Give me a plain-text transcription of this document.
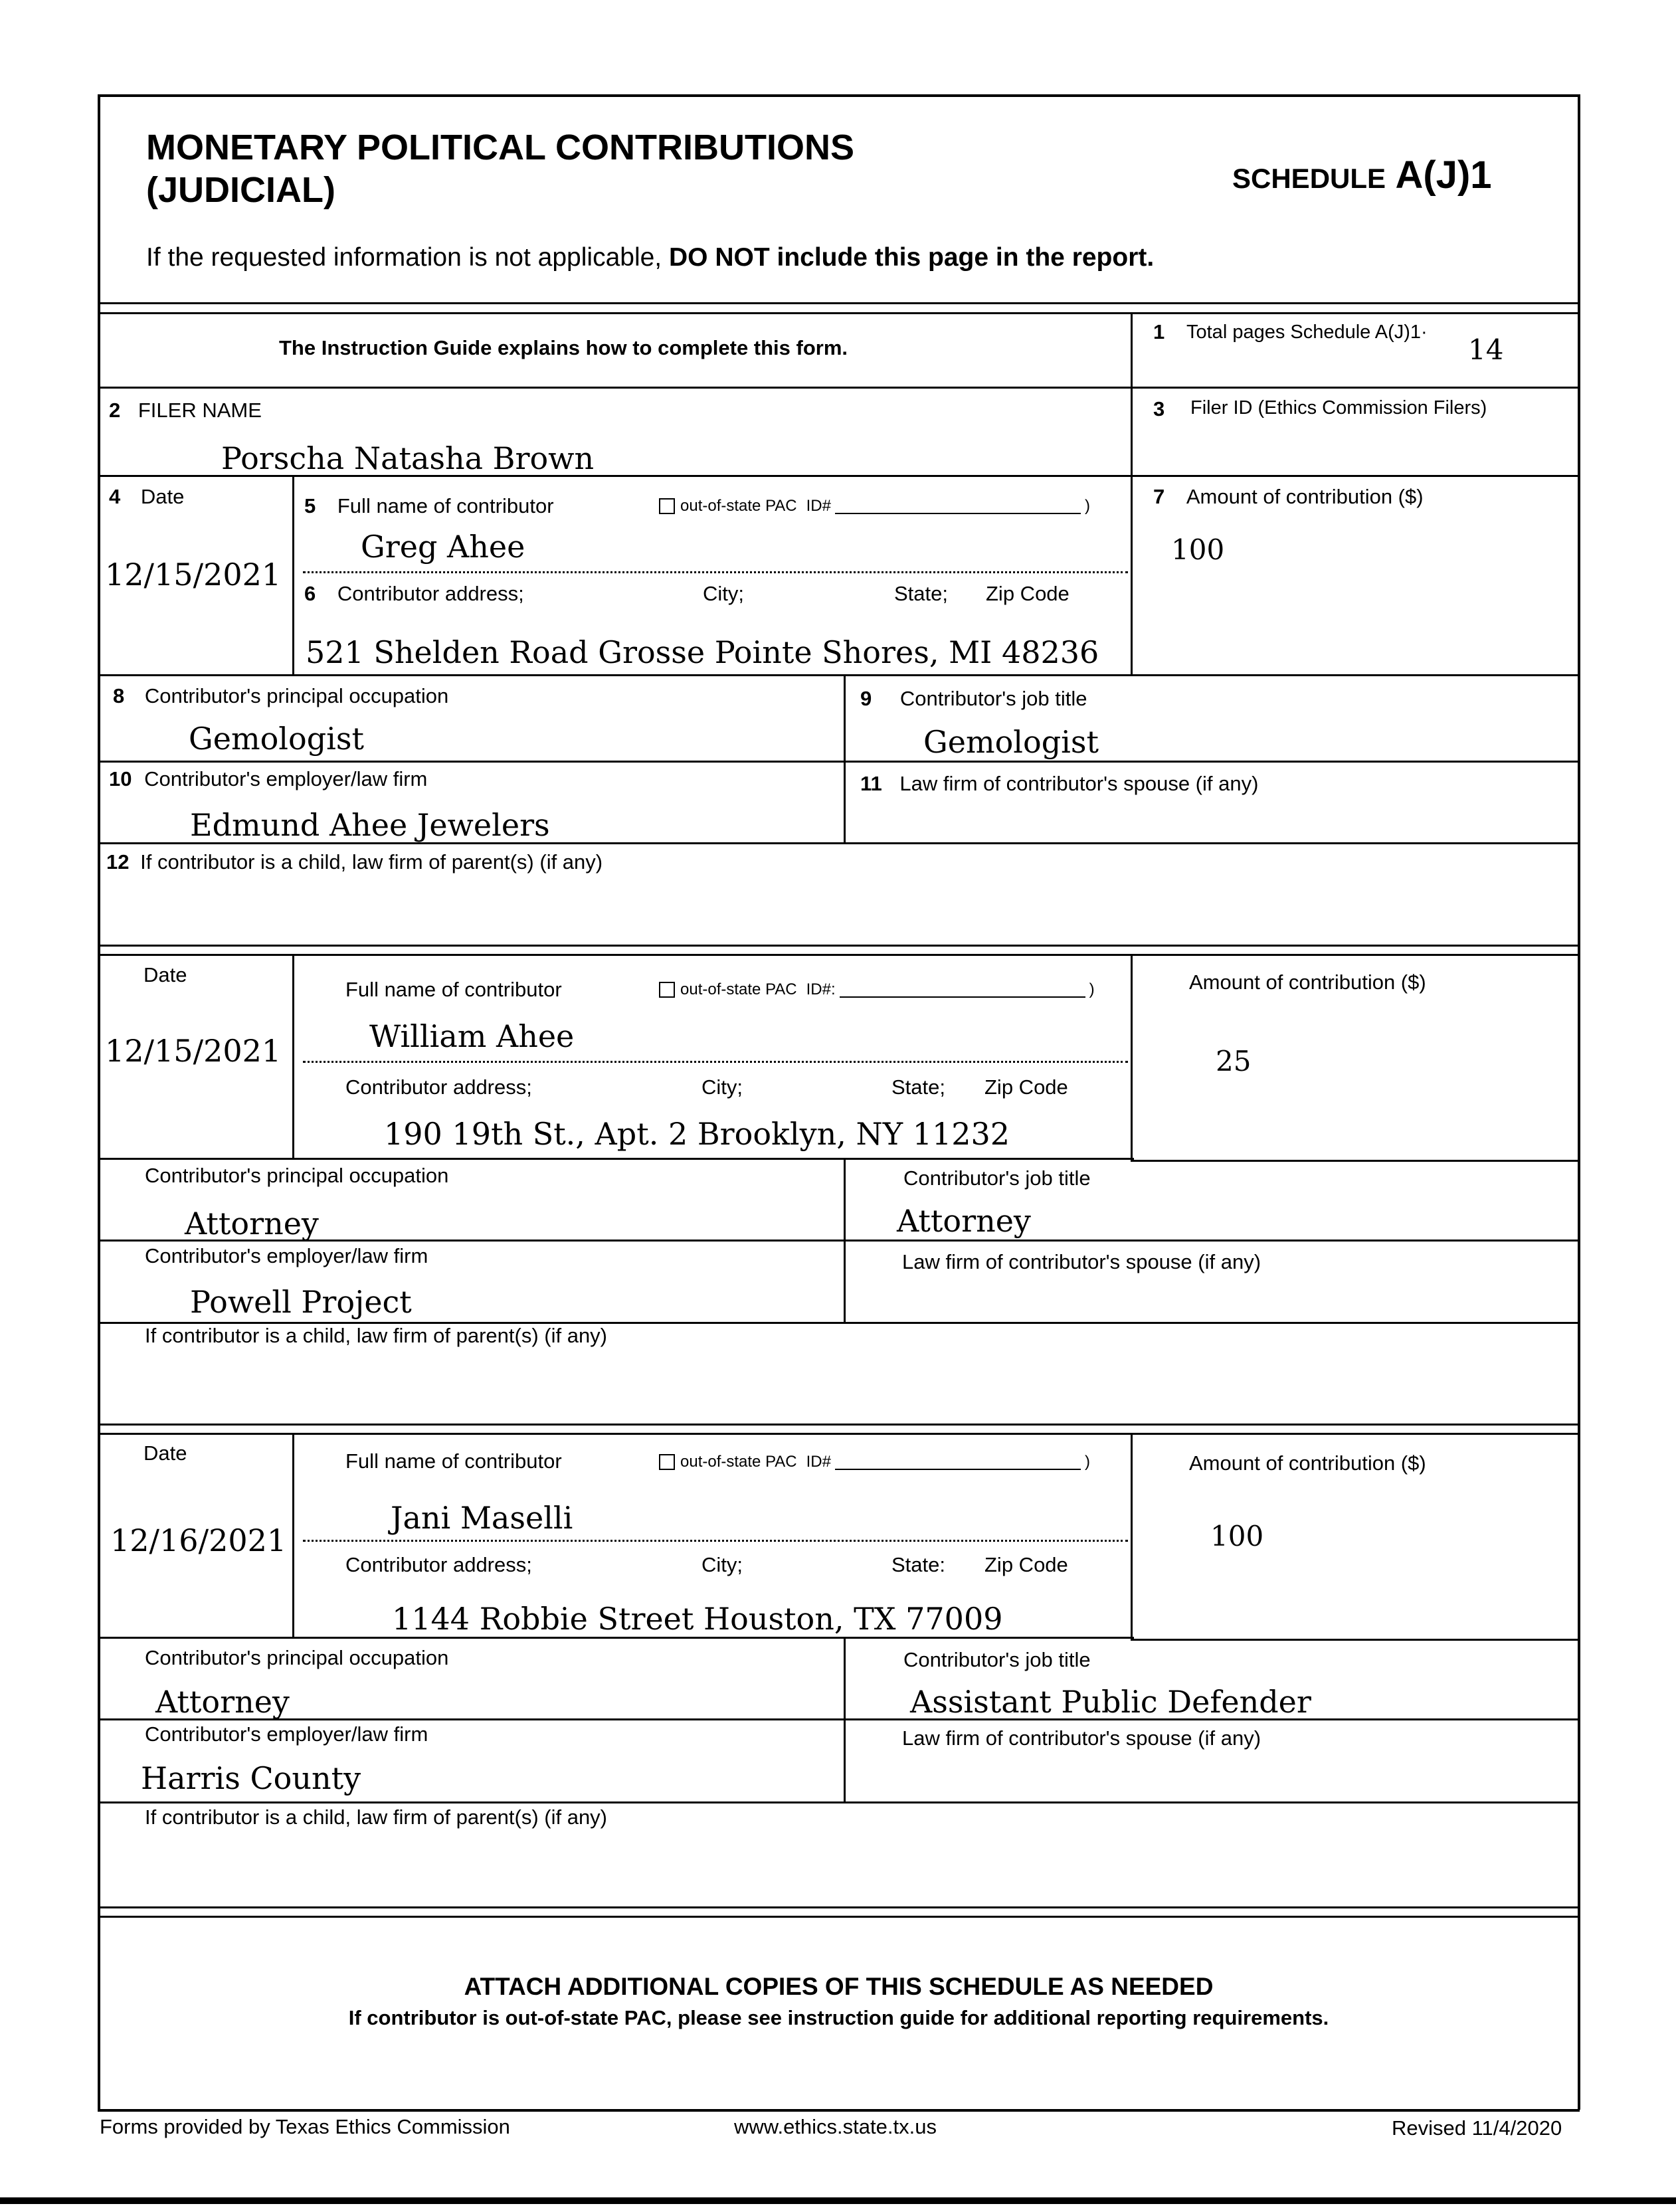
MONETARY POLITICAL CONTRIBUTIONS
(JUDICIAL)	SCHEDULE A(J)1
If the requested information is not applicable, DO NOT include this page in the report.
The Instruction Guide explains how to complete this form.
1 Total pages Schedule A(J)1·
14
2 FILER NAME
Porscha Natasha Brown
3 Filer ID (Ethics Commission Filers)
4 Date
12/15/2021
5 Full name of contributor	out-of-state PAC ID#	)
Greg Ahee
6 Contributor address;	City;	State; Zip Code
521 Shelden Road Grosse Pointe Shores, MI 48236
7 Amount of contribution ($)
100
8 Contributor's principal occupation
Gemologist
9 Contributor's job title
Gemologist
10 Contributor's employer/law firm
Edmund Ahee Jewelers
11 Law firm of contributor's spouse (if any)
12 If contributor is a child, law firm of parent(s) (if any)
Date
12/15/2021
Full name of contributor	out-of-state PAC ID#:	)
William Ahee
Contributor address;	City;	State; Zip Code
190 19th St., Apt. 2 Brooklyn, NY 11232
Amount of contribution ($)
25
Contributor's principal occupation
Attorney
Contributor's job title
Attorney
Contributor's employer/law firm
Powell Project
Law firm of contributor's spouse (if any)
If contributor is a child, law firm of parent(s) (if any)
Date
12/16/2021
Full name of contributor	out-of-state PAC ID#	)
Jani Maselli
Contributor address;	City;	State: Zip Code
1144 Robbie Street Houston, TX 77009
Amount of contribution ($)
100
Contributor's principal occupation
Attorney
Contributor's job title
Assistant Public Defender
Contributor's employer/law firm
Harris County
Law firm of contributor's spouse (if any)
If contributor is a child, law firm of parent(s) (if any)
ATTACH ADDITIONAL COPIES OF THIS SCHEDULE AS NEEDED
If contributor is out-of-state PAC, please see instruction guide for additional reporting requirements.
Forms provided by Texas Ethics Commission	www.ethics.state.tx.us	Revised 11/4/2020
